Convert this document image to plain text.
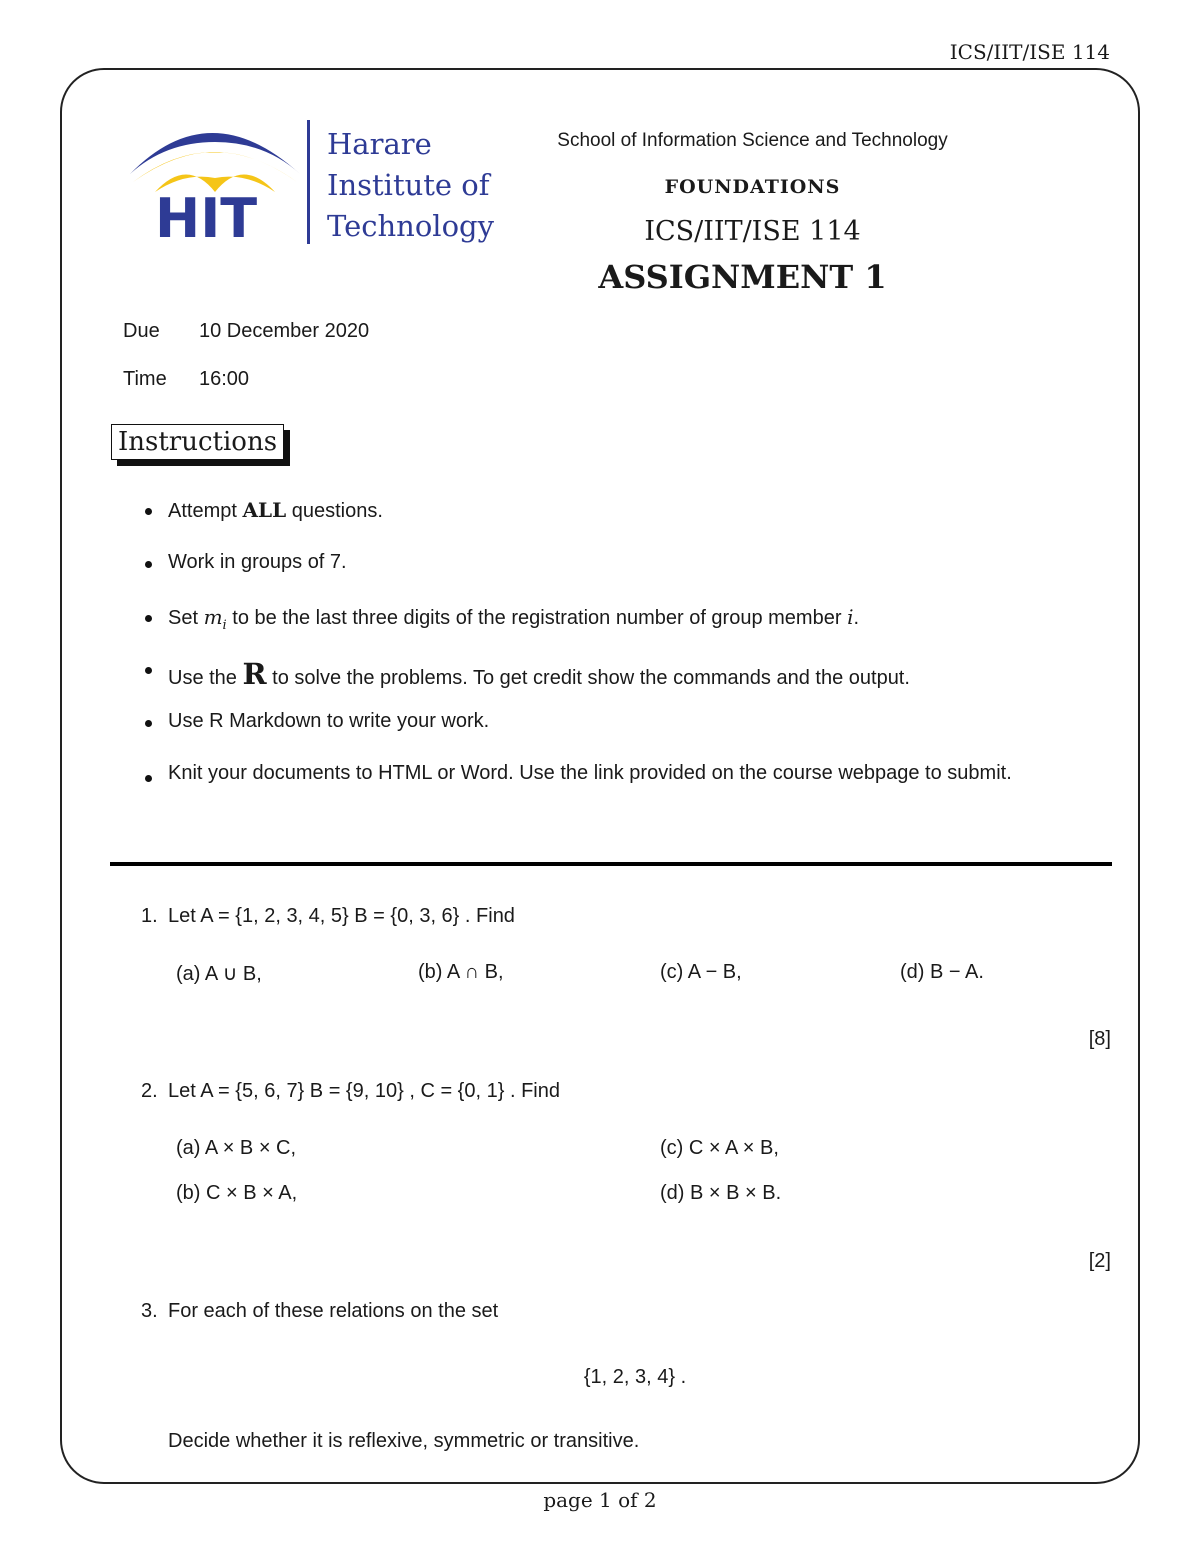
ICS/IIT/ISE 114
HIT
Harare
Institute of
Technology
School of Information Science and Technology
FOUNDATIONS
ICS/IIT/ISE 114
ASSIGNMENT 1
Due 10 December 2020
Time 16:00
Instructions
Attempt ALL questions.
Work in groups of 7.
Set $m_i$ to be the last three digits of the registration number of group member i.
Use the R to solve the problems. To get credit show the commands and the output.
Use R Markdown to write your work.
Knit your documents to HTML or Word. Use the link provided on the course webpage to submit.
1. Let A = {1, 2, 3, 4, 5} B = {0, 3, 6} . Find
(a) A ∪ B,	(b) A ∩ B,	(c) A − B,	(d) B − A.
[8]
2. Let A = {5, 6, 7} B = {9, 10} , C = {0, 1} . Find
(a) A × B × C,
(b) C × B × A,
(c) C × A × B,
(d) B × B × B.
[2]
3. For each of these relations on the set
{1, 2, 3, 4} .
Decide whether it is reflexive, symmetric or transitive.
page 1 of 2
